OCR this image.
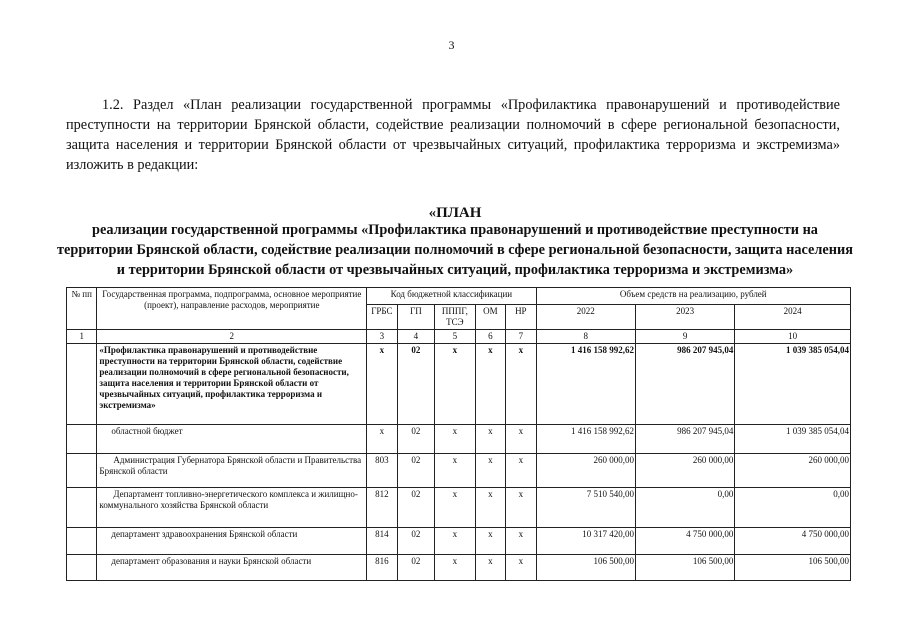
3

1.2. Раздел «План реализации государственной программы «Профилактика правонарушений и противодействие преступности на территории Брянской области, содействие реализации полномочий в сфере региональной безопасности, защита населения и территории Брянской области от чрезвычайных ситуаций, профилактика терроризма и экстремизма» изложить в редакции:

«ПЛАН
реализации государственной программы «Профилактика правонарушений и противодействие преступности на территории Брянской области, содействие реализации полномочий в сфере региональной безопасности, защита населения и территории Брянской области от чрезвычайных ситуаций, профилактика терроризма и экстремизма»
№ пп	Государственная программа, подпрограмма, основное мероприятие (проект), направление расходов, мероприятие	Код бюджетной классификации					Объем средств на реализацию, рублей		
		ГРБС	ГП	ПППГ, ТСЭ	ОМ	НР	2022	2023	2024
1	2	3	4	5	6	7	8	9	10
	«Профилактика правонарушений и противодействие преступности на территории Брянской области, содействие реализации полномочий в сфере региональной безопасности, защита населения и территории Брянской области от чрезвычайных ситуаций, профилактика терроризма и экстремизма»	x	02	x	x	x	1 416 158 992,62	986 207 945,04	1 039 385 054,04
	областной бюджет	x	02	x	x	x	1 416 158 992,62	986 207 945,04	1 039 385 054,04
	Администрация Губернатора Брянской области и Правительства Брянской области	803	02	x	x	x	260 000,00	260 000,00	260 000,00
	Департамент топливно-энергетического комплекса и жилищно-коммунального хозяйства Брянской области	812	02	x	x	x	7 510 540,00	0,00	0,00
	департамент здравоохранения Брянской области	814	02	x	x	x	10 317 420,00	4 750 000,00	4 750 000,00
	департамент образования и науки Брянской области	816	02	x	x	x	106 500,00	106 500,00	106 500,00
